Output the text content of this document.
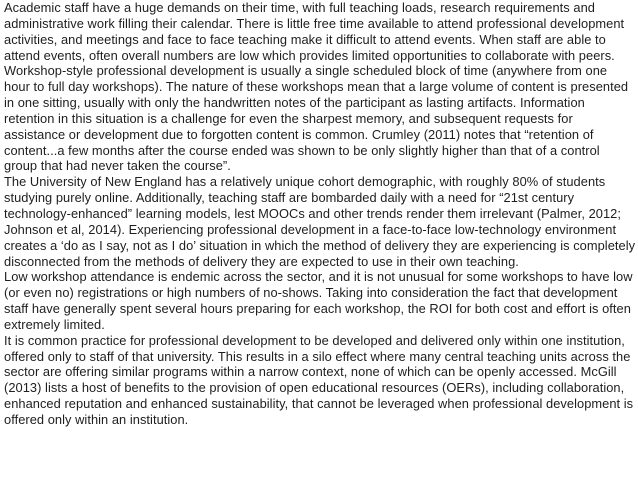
Academic staff have a huge demands on their time, with full teaching loads, research requirements and administrative work filling their calendar. There is little free time available to attend professional development activities, and meetings and face to face teaching make it difficult to attend events. When staff are able to attend events, often overall numbers are low which provides limited opportunities to collaborate with peers.

Workshop-style professional development is usually a single scheduled block of time (anywhere from one hour to full day workshops). The nature of these workshops mean that a large volume of content is presented in one sitting, usually with only the handwritten notes of the participant as lasting artifacts. Information retention in this situation is a challenge for even the sharpest memory, and subsequent requests for assistance or development due to forgotten content is common. Crumley (2011) notes that “retention of content...a few months after the course ended was shown to be only slightly higher than that of a control group that had never taken the course”.

The University of New England has a relatively unique cohort demographic, with roughly 80% of students studying purely online. Additionally, teaching staff are bombarded daily with a need for “21st century technology-enhanced” learning models, lest MOOCs and other trends render them irrelevant (Palmer, 2012; Johnson et al, 2014). Experiencing professional development in a face-to-face low-technology environment creates a ‘do as I say, not as I do’ situation in which the method of delivery they are experiencing is completely disconnected from the methods of delivery they are expected to use in their own teaching.

Low workshop attendance is endemic across the sector, and it is not unusual for some workshops to have low (or even no) registrations or high numbers of no-shows. Taking into consideration the fact that development staff have generally spent several hours preparing for each workshop, the ROI for both cost and effort is often extremely limited.

It is common practice for professional development to be developed and delivered only within one institution, offered only to staff of that university. This results in a silo effect where many central teaching units across the sector are offering similar programs within a narrow context, none of which can be openly accessed. McGill (2013) lists a host of benefits to the provision of open educational resources (OERs), including collaboration, enhanced reputation and enhanced sustainability, that cannot be leveraged when professional development is offered only within an institution.
